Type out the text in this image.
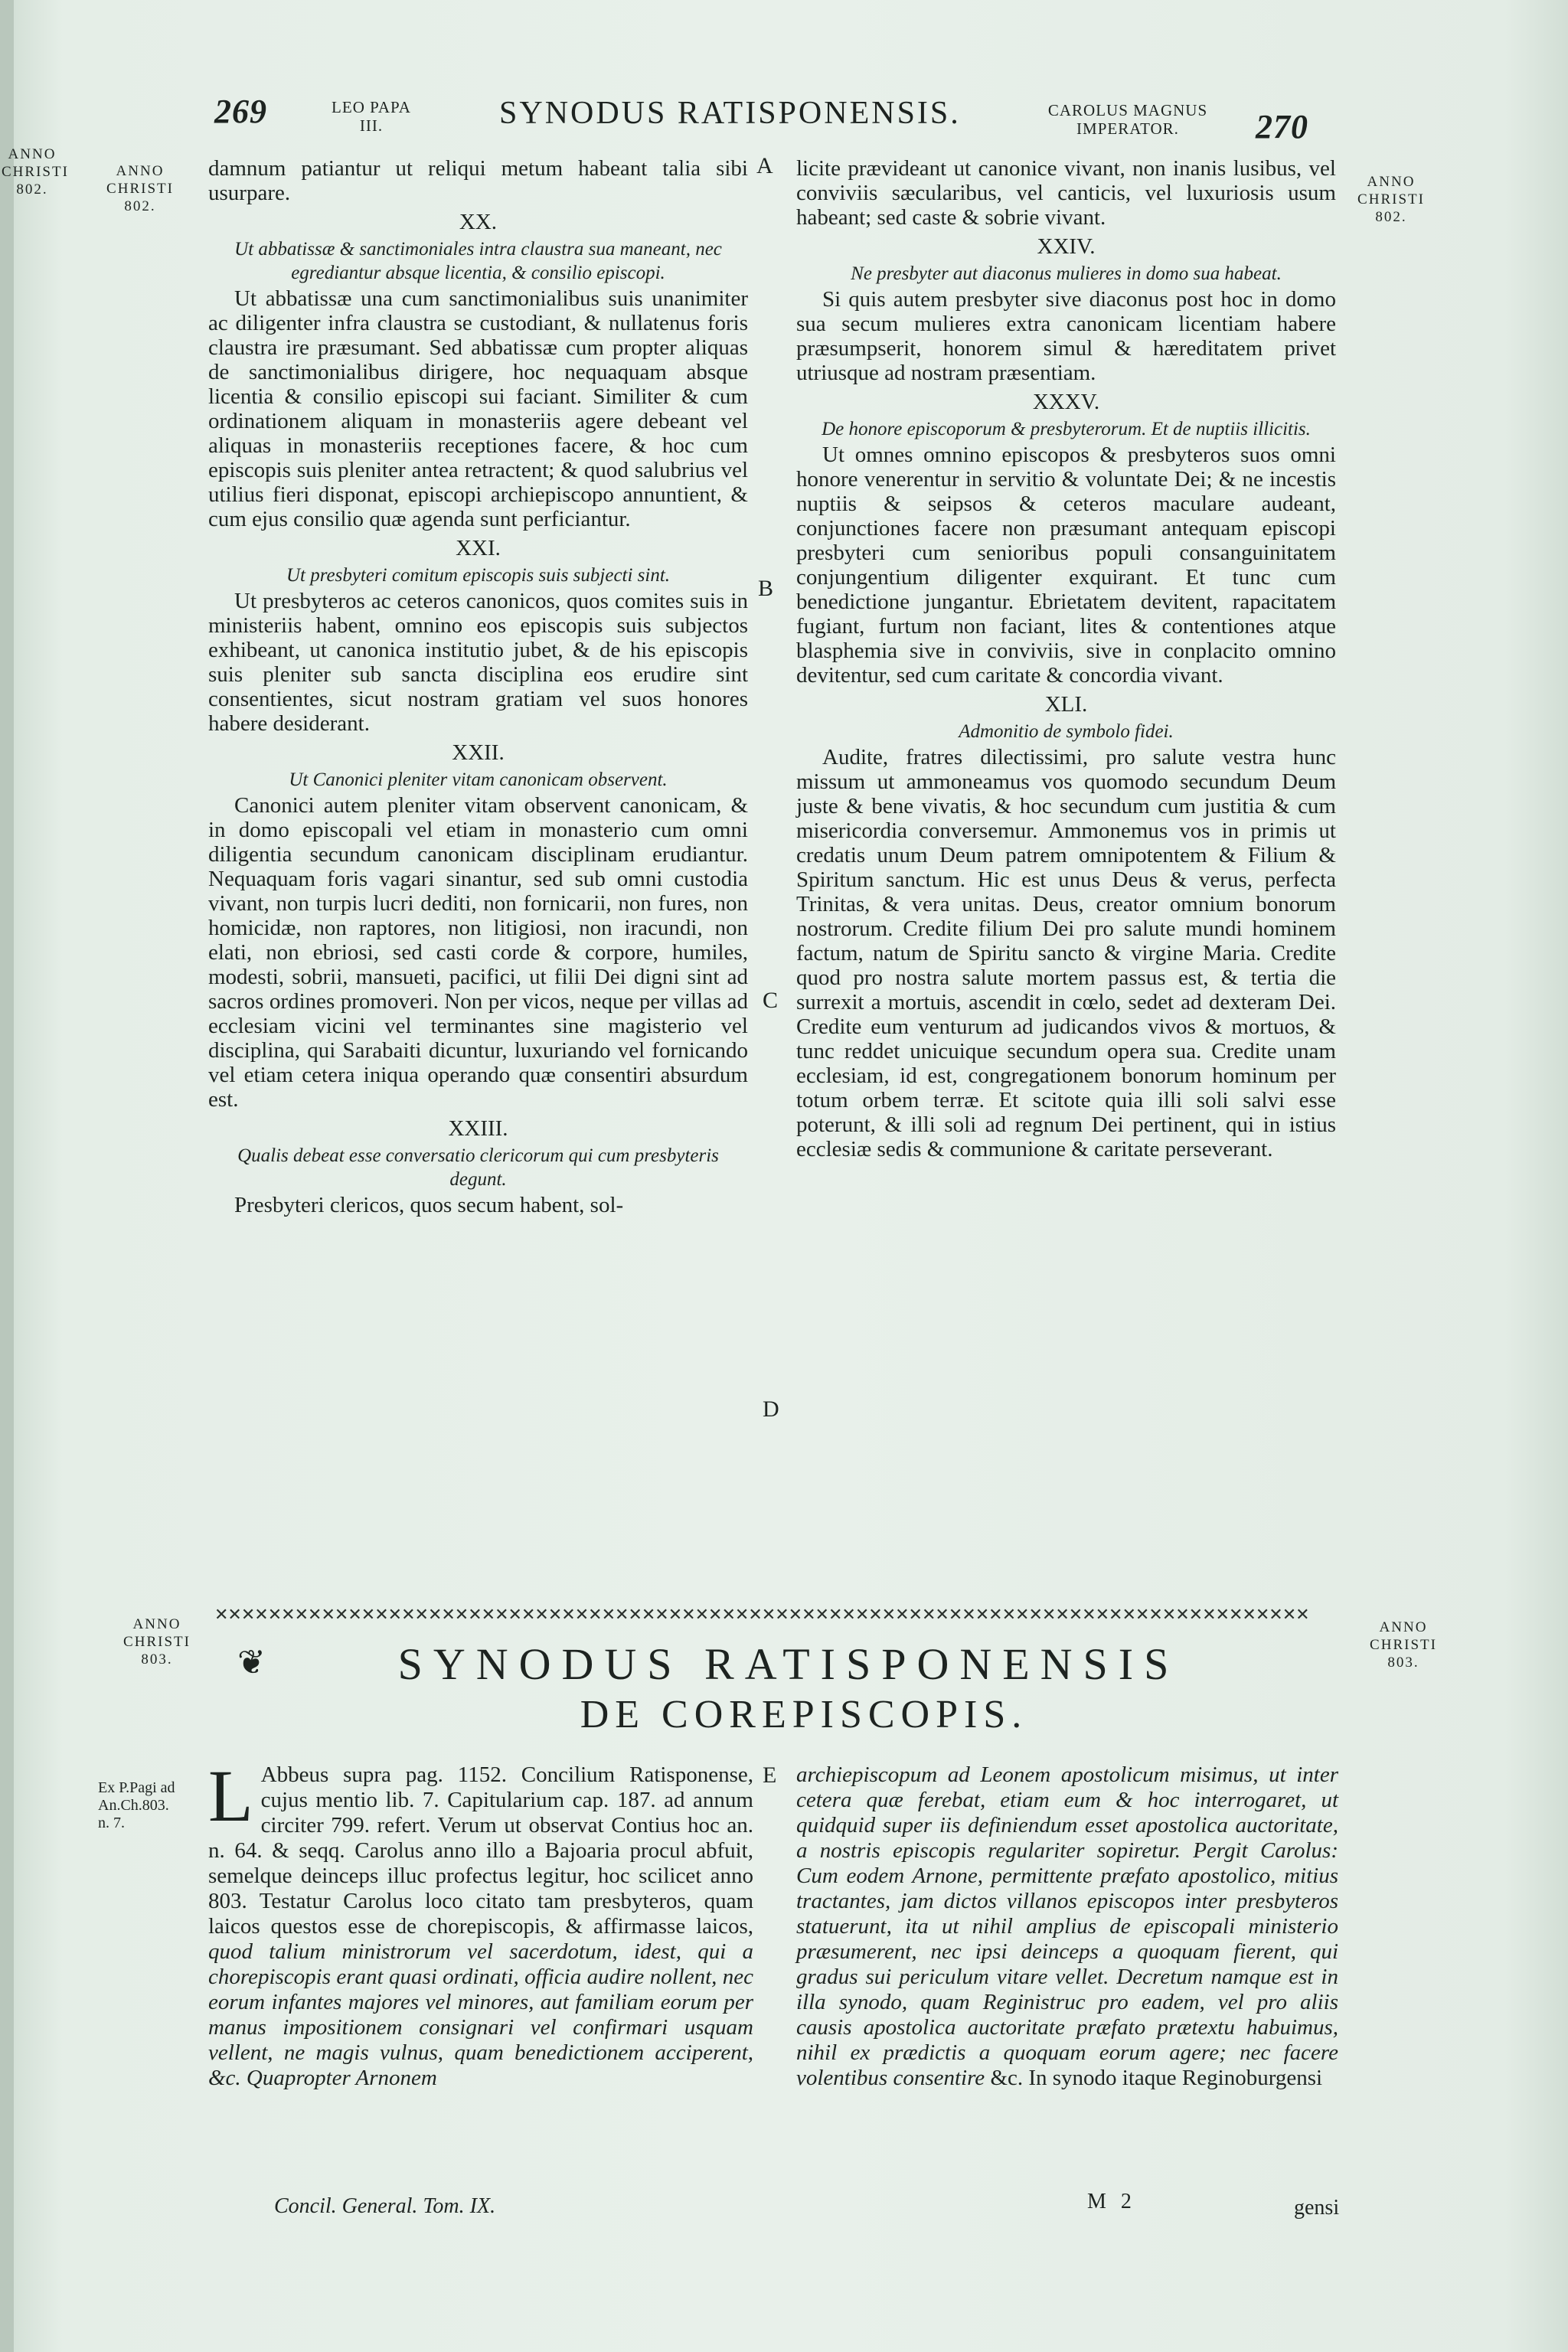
269	LEO PAPA
III.	SYNODUS RATISPONENSIS.	CAROLUS MAGNUS
IMPERATOR.	270
ANNO
CHRISTI
802.
ANNO
CHRISTI
802.
ANNO
CHRISTI
802.
A
B
C
D
E

damnum patiantur ut reliqui metum habeant talia sibi usurpare.

XX.
Ut abbatissæ & sanctimoniales intra claustra sua maneant, nec egrediantur absque licentia, & consilio episcopi.

Ut abbatissæ una cum sanctimonialibus suis unanimiter ac diligenter infra claustra se custodiant, & nullatenus foris claustra ire præsumant. Sed abbatissæ cum propter aliquas de sanctimonialibus dirigere, hoc nequaquam absque licentia & consilio episcopi sui faciant. Similiter & cum ordinationem aliquam in monasteriis agere debeant vel aliquas in monasteriis receptiones facere, & hoc cum episcopis suis pleniter antea retractent; & quod salubrius vel utilius fieri disponat, episcopi archiepiscopo annuntient, & cum ejus consilio quæ agenda sunt perficiantur.

XXI.
Ut presbyteri comitum episcopis suis subjecti sint.

Ut presbyteros ac ceteros canonicos, quos comites suis in ministeriis habent, omnino eos episcopis suis subjectos exhibeant, ut canonica institutio jubet, & de his episcopis suis pleniter sub sancta disciplina eos erudire sint consentientes, sicut nostram gratiam vel suos honores habere desiderant.

XXII.
Ut Canonici pleniter vitam canonicam observent.

Canonici autem pleniter vitam observent canonicam, & in domo episcopali vel etiam in monasterio cum omni diligentia secundum canonicam disciplinam erudiantur. Nequaquam foris vagari sinantur, sed sub omni custodia vivant, non turpis lucri dediti, non fornicarii, non fures, non homicidæ, non raptores, non litigiosi, non iracundi, non elati, non ebriosi, sed casti corde & corpore, humiles, modesti, sobrii, mansueti, pacifici, ut filii Dei digni sint ad sacros ordines promoveri. Non per vicos, neque per villas ad ecclesiam vicini vel terminantes sine magisterio vel disciplina, qui Sarabaiti dicuntur, luxuriando vel fornicando vel etiam cetera iniqua operando quæ consentiri absurdum est.

XXIII.
Qualis debeat esse conversatio clericorum qui cum presbyteris degunt.

Presbyteri clericos, quos secum habent, sol-

licite prævideant ut canonice vivant, non inanis lusibus, vel conviviis sæcularibus, vel canticis, vel luxuriosis usum habeant; sed caste & sobrie vivant.

XXIV.
Ne presbyter aut diaconus mulieres in domo sua habeat.

Si quis autem presbyter sive diaconus post hoc in domo sua secum mulieres extra canonicam licentiam habere præsumpserit, honorem simul & hæreditatem privet utriusque ad nostram præsentiam.

XXXV.
De honore episcoporum & presbyterorum. Et de nuptiis illicitis.

Ut omnes omnino episcopos & presbyteros suos omni honore venerentur in servitio & voluntate Dei; & ne incestis nuptiis & seipsos & ceteros maculare audeant, conjunctiones facere non præsumant antequam episcopi presbyteri cum senioribus populi consanguinitatem conjungentium diligenter exquirant. Et tunc cum benedictione jungantur. Ebrietatem devitent, rapacitatem fugiant, furtum non faciant, lites & contentiones atque blasphemia sive in conviviis, sive in conplacito omnino devitentur, sed cum caritate & concordia vivant.

XLI.
Admonitio de symbolo fidei.

Audite, fratres dilectissimi, pro salute vestra hunc missum ut ammoneamus vos quomodo secundum Deum juste & bene vivatis, & hoc secundum cum justitia & cum misericordia conversemur. Ammonemus vos in primis ut credatis unum Deum patrem omnipotentem & Filium & Spiritum sanctum. Hic est unus Deus & verus, perfecta Trinitas, & vera unitas. Deus, creator omnium bonorum nostrorum. Credite filium Dei pro salute mundi hominem factum, natum de Spiritu sancto & virgine Maria. Credite quod pro nostra salute mortem passus est, & tertia die surrexit a mortuis, ascendit in cœlo, sedet ad dexteram Dei. Credite eum venturum ad judicandos vivos & mortuos, & tunc reddet unicuique secundum opera sua. Credite unam ecclesiam, id est, congregationem bonorum hominum per totum orbem terræ. Et scitote quia illi soli salvi esse poterunt, & illi soli ad regnum Dei pertinent, qui in istius ecclesiæ sedis & communione & caritate perseverant.

ANNO
CHRISTI
803.
ANNO
CHRISTI
803.
✕✕✕✕✕✕✕✕✕✕✕✕✕✕✕✕✕✕✕✕✕✕✕✕✕✕✕✕✕✕✕✕✕✕✕✕✕✕✕✕✕✕✕✕✕✕✕✕✕✕✕✕✕✕✕✕✕✕✕✕✕✕✕✕✕✕✕✕✕✕✕✕✕✕✕✕✕✕✕✕✕✕
❦	SYNODUS RATISPONENSIS
DE COREPISCOPIS.
Ex P.Pagi ad
An.Ch.803.
n. 7.	L Abbeus supra pag. 1152. Concilium Ratisponense, cujus mentio lib. 7. Capitularium cap. 187. ad annum circiter 799. refert. Verum ut observat Contius hoc an. n. 64. & seqq. Carolus anno illo a Bajoaria procul abfuit, semelque deinceps illuc profectus legitur, hoc scilicet anno 803. Testatur Carolus loco citato tam presbyteros, quam laicos questos esse de chorepiscopis, & affirmasse laicos, quod talium ministrorum vel sacerdotum, idest, qui a chorepiscopis erant quasi ordinati, officia audire nollent, nec eorum infantes majores vel minores, aut familiam eorum per manus impositionem consignari vel confirmari usquam vellent, ne magis vulnus, quam benedictionem acciperent, &c. Quapropter Arnonem
archiepiscopum ad Leonem apostolicum misimus, ut inter cetera quæ ferebat, etiam eum & hoc interrogaret, ut quidquid super iis definiendum esset apostolica auctoritate, a nostris episcopis regulariter sopiretur. Pergit Carolus: Cum eodem Arnone, permittente præfato apostolico, mitius tractantes, jam dictos villanos episcopos inter presbyteros statuerunt, ita ut nihil amplius de episcopali ministerio præsumerent, nec ipsi deinceps a quoquam fierent, qui gradus sui periculum vitare vellet. Decretum namque est in illa synodo, quam Reginistruc pro eadem, vel pro aliis causis apostolica auctoritate præfato prætextu habuimus, nihil ex prædictis a quoquam eorum agere; nec facere volentibus consentire &c. In synodo itaque Reginoburgensi
Concil. General. Tom. IX.	M 2	gensi
